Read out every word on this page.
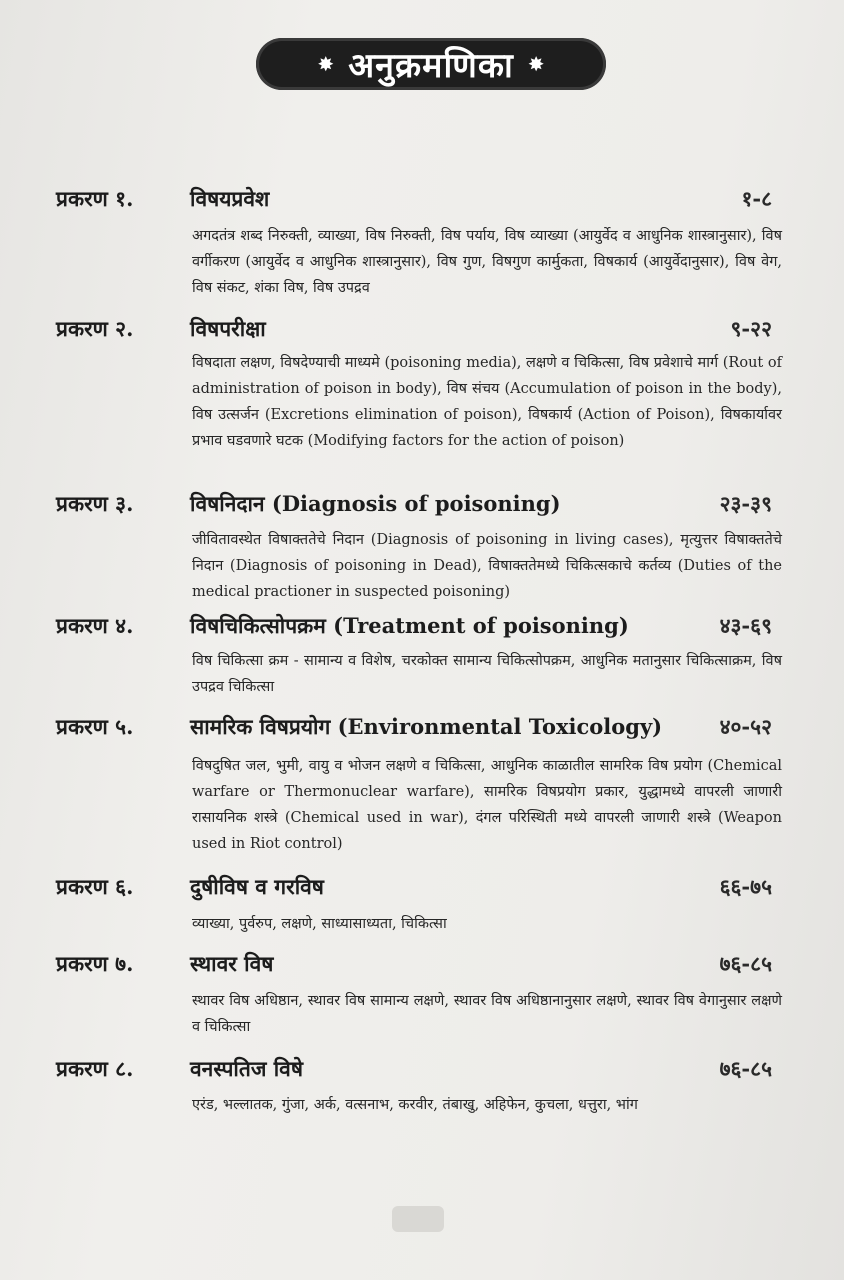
✸ अनुक्रमणिका ✸
प्रकरण १.	विषयप्रवेश	१-८
अगदतंत्र शब्द निरुक्ती, व्याख्या, विष निरुक्ती, विष पर्याय, विष व्याख्या (आयुर्वेद व आधुनिक शास्त्रानुसार), विष वर्गीकरण (आयुर्वेद व आधुनिक शास्त्रानुसार), विष गुण, विषगुण कार्मुकता, विषकार्य (आयुर्वेदानुसार), विष वेग, विष संकट, शंका विष, विष उपद्रव
प्रकरण २.	विषपरीक्षा	९-२२
विषदाता लक्षण, विषदेण्याची माध्यमे (poisoning media), लक्षणे व चिकित्सा, विष प्रवेशाचे मार्ग (Rout of administration of poison in body), विष संचय (Accumulation of poison in the body), विष उत्सर्जन (Excretions elimination of poison), विषकार्य (Action of Poison), विषकार्यावर प्रभाव घडवणारे घटक (Modifying factors for the action of poison)
प्रकरण ३.	विषनिदान (Diagnosis of poisoning)	२३-३९
जीवितावस्थेत विषाक्ततेचे निदान (Diagnosis of poisoning in living cases), मृत्युत्तर विषाक्ततेचे निदान (Diagnosis of poisoning in Dead), विषाक्ततेमध्ये चिकित्सकाचे कर्तव्य (Duties of the medical practioner in suspected poisoning)
प्रकरण ४.	विषचिकित्सोपक्रम (Treatment of poisoning)	४३-६९
विष चिकित्सा क्रम - सामान्य व विशेष, चरकोक्त सामान्य चिकित्सोपक्रम, आधुनिक मतानुसार चिकित्साक्रम, विष उपद्रव चिकित्सा
प्रकरण ५.	सामरिक विषप्रयोग (Environmental Toxicology)	४०-५२
विषदुषित जल, भुमी, वायु व भोजन लक्षणे व चिकित्सा, आधुनिक काळातील सामरिक विष प्रयोग (Chemical warfare or Thermonuclear warfare), सामरिक विषप्रयोग प्रकार, युद्धामध्ये वापरली जाणारी रासायनिक शस्त्रे (Chemical used in war), दंगल परिस्थिती मध्ये वापरली जाणारी शस्त्रे (Weapon used in Riot control)
प्रकरण ६.	दुषीविष व गरविष	६६-७५
व्याख्या, पुर्वरुप, लक्षणे, साध्यासाध्यता, चिकित्सा
प्रकरण ७.	स्थावर विष	७६-८५
स्थावर विष अधिष्ठान, स्थावर विष सामान्य लक्षणे, स्थावर विष अधिष्ठानानुसार लक्षणे, स्थावर विष वेगानुसार लक्षणे व चिकित्सा
प्रकरण ८.	वनस्पतिज विषे	७६-८५
एरंड, भल्लातक, गुंजा, अर्क, वत्सनाभ, करवीर, तंबाखु, अहिफेन, कुचला, धत्तुरा, भांग
